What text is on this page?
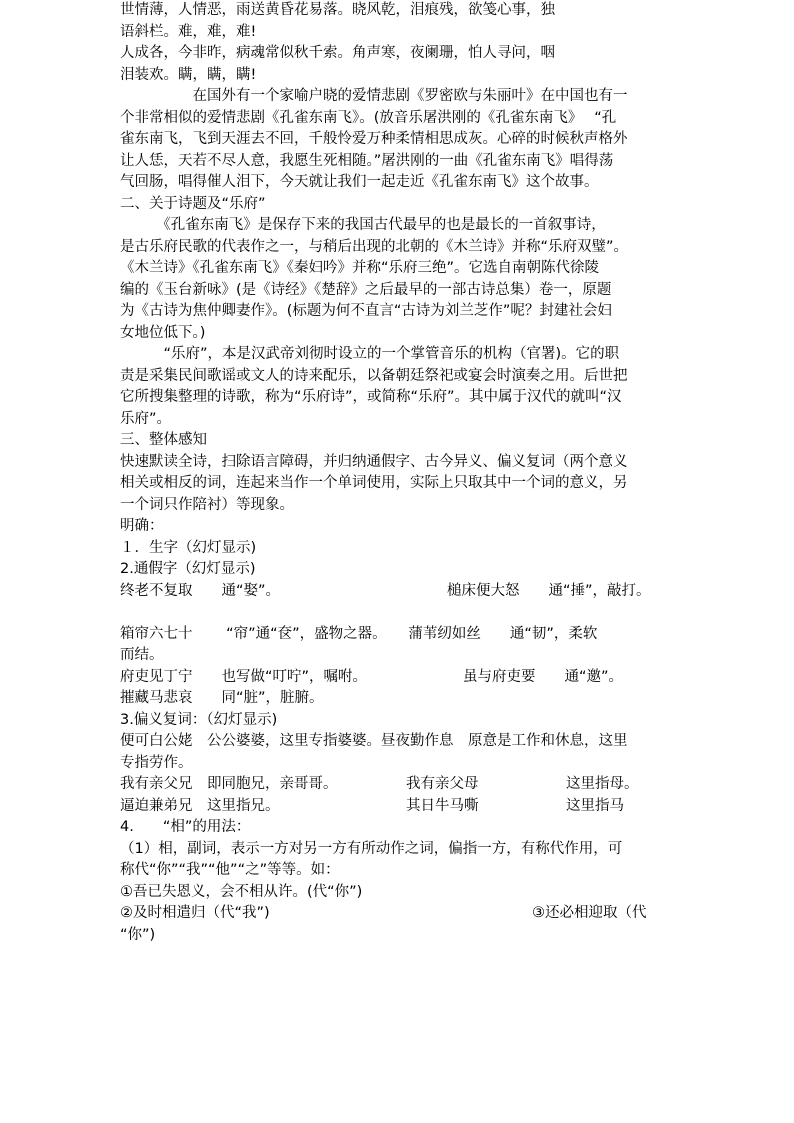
世情薄，人情恶，雨送黄昏花易落。晓风乾，泪痕残，欲笺心事，独
语斜栏。难，难，难!
人成各，今非昨，病魂常似秋千索。角声寒，夜阑珊，怕人寻问，咽
泪装欢。瞒，瞒，瞒!
　　　　　在国外有一个家喻户晓的爱情悲剧《罗密欧与朱丽叶》在中国也有一
个非常相似的爱情悲剧《孔雀东南飞》。(放音乐屠洪刚的《孔雀东南飞》　 “孔
雀东南飞，飞到天涯去不回，千般怜爱万种柔情相思成灰。心碎的时候秋声格外
让人恁，天若不尽人意，我愿生死相随。”屠洪刚的一曲《孔雀东南飞》唱得荡
气回肠，唱得催人泪下，今天就让我们一起走近《孔雀东南飞》这个故事。
二、关于诗题及“乐府”
　　　《孔雀东南飞》是保存下来的我国古代最早的也是最长的一首叙事诗，
是古乐府民歌的代表作之一，与稍后出现的北朝的《木兰诗》并称“乐府双璧”。
《木兰诗》《孔雀东南飞》《秦妇吟》并称“乐府三绝”。它选自南朝陈代徐陵
编的《玉台新咏》(是《诗经》《楚辞》之后最早的一部古诗总集）卷一，原题
为《古诗为焦仲卿妻作》。(标题为何不直言“古诗为刘兰芝作”呢？封建社会妇
女地位低下。)
　　　“乐府”，本是汉武帝刘彻时设立的一个掌管音乐的机构（官署)。它的职
责是采集民间歌谣或文人的诗来配乐，以备朝廷祭祀或宴会时演奏之用。后世把
它所搜集整理的诗歌，称为“乐府诗”，或简称“乐府”。其中属于汉代的就叫“汉
乐府”。
三、整体感知
快速默读全诗，扫除语言障碍，并归纳通假字、古今异义、偏义复词（两个意义
相关或相反的词，连起来当作一个单词使用，实际上只取其中一个词的意义，另
一个词只作陪衬）等现象。
明确：
１．生字（幻灯显示)
2.通假字（幻灯显示)
终老不复取　　通“娶”。	槌床便大怒　　通“捶”，敲打。
箱帘六七十　　 “帘”通“奁”，盛物之器。　　蒲苇纫如丝　　通“韧”，柔软
而结。
府吏见丁宁　　也写做“叮咛”，嘱咐。	虽与府吏要　　通“邀”。
摧藏马悲哀　　同“脏”，脏腑。
3.偏义复词：（幻灯显示)
便可白公姥　公公婆婆，这里专指婆婆。昼夜勤作息　原意是工作和休息，这里
专指劳作。
我有亲父兄　即同胞兄，亲哥哥。	我有亲父母	这里指母。
逼迫兼弟兄　这里指兄。	其日牛马嘶	这里指马
4.　　“相”的用法：
（1）相，副词，表示一方对另一方有所动作之词，偏指一方，有称代作用，可
称代“你”“我”“他”“之”等等。如：
①吾已失恩义，会不相从许。(代“你”)
②及时相遣归（代“我”)	③还必相迎取（代
“你”)
